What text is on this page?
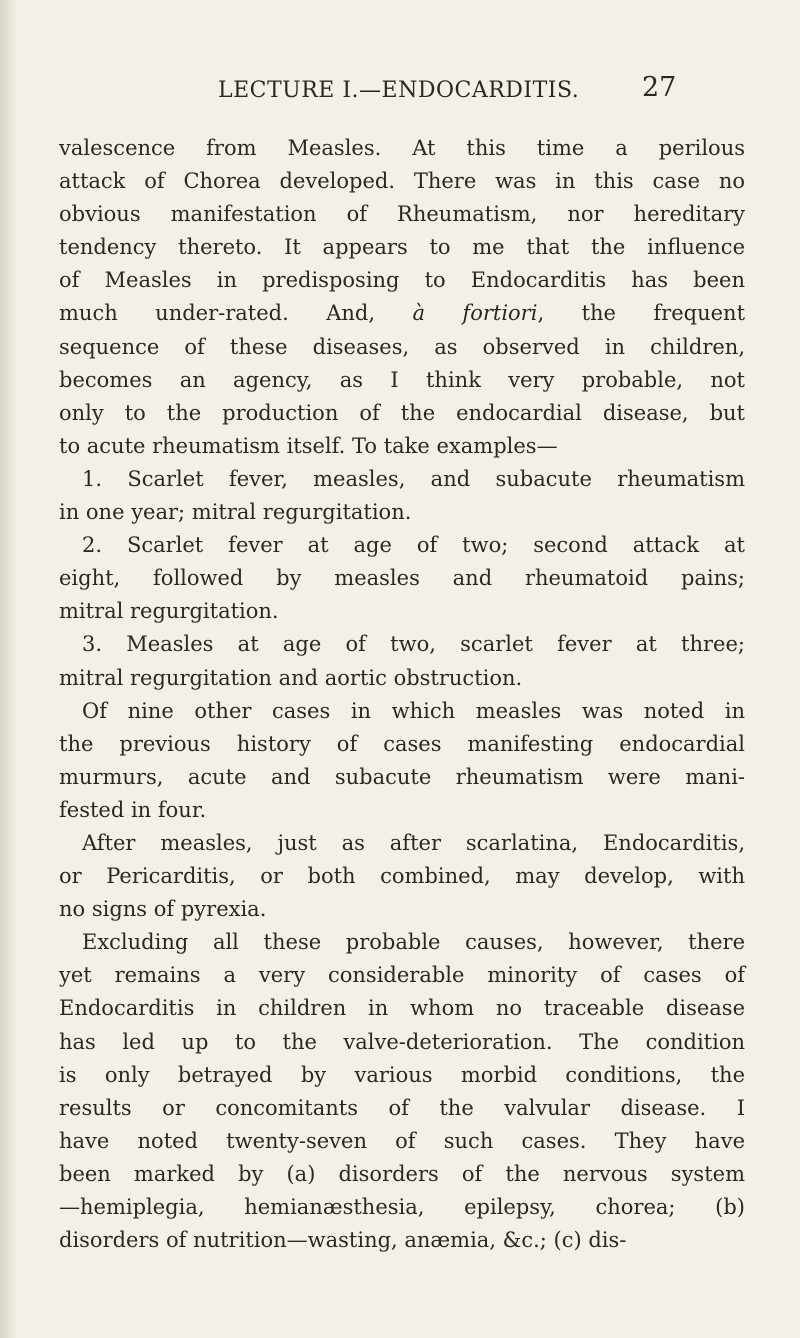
LECTURE I.—ENDOCARDITIS. 27
valescence from Measles. At this time a perilous
attack of Chorea developed. There was in this case no
obvious manifestation of Rheumatism, nor hereditary
tendency thereto. It appears to me that the influence
of Measles in predisposing to Endocarditis has been
much under-rated. And, à fortiori, the frequent
sequence of these diseases, as observed in children,
becomes an agency, as I think very probable, not
only to the production of the endocardial disease, but
to acute rheumatism itself. To take examples—
1. Scarlet fever, measles, and subacute rheumatism
in one year; mitral regurgitation.
2. Scarlet fever at age of two; second attack at
eight, followed by measles and rheumatoid pains;
mitral regurgitation.
3. Measles at age of two, scarlet fever at three;
mitral regurgitation and aortic obstruction.
Of nine other cases in which measles was noted in
the previous history of cases manifesting endocardial
murmurs, acute and subacute rheumatism were mani-
fested in four.
After measles, just as after scarlatina, Endocarditis,
or Pericarditis, or both combined, may develop, with
no signs of pyrexia.
Excluding all these probable causes, however, there
yet remains a very considerable minority of cases of
Endocarditis in children in whom no traceable disease
has led up to the valve-deterioration. The condition
is only betrayed by various morbid conditions, the
results or concomitants of the valvular disease. I
have noted twenty-seven of such cases. They have
been marked by (a) disorders of the nervous system
—hemiplegia, hemianæsthesia, epilepsy, chorea; (b)
disorders of nutrition—wasting, anæmia, &c.; (c) dis-
